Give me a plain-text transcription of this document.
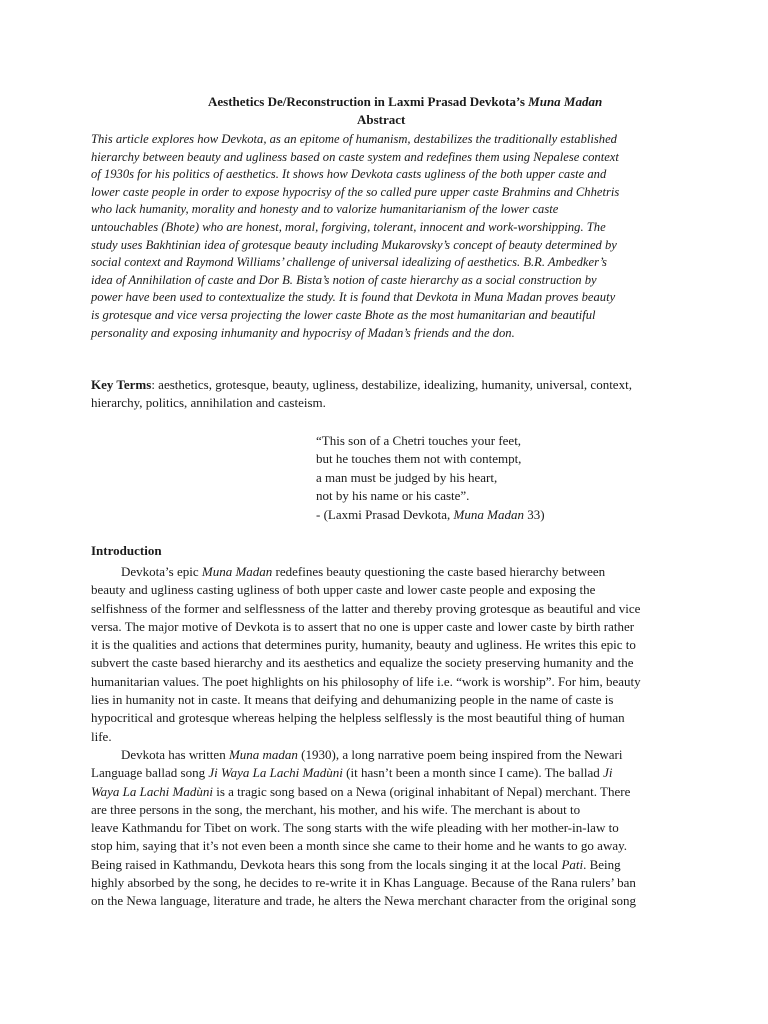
Aesthetics De/Reconstruction in Laxmi Prasad Devkota’s Muna Madan
Abstract

This article explores how Devkota, as an epitome of humanism, destabilizes the traditionally established
hierarchy between beauty and ugliness based on caste system and redefines them using Nepalese context
of 1930s for his politics of aesthetics. It shows how Devkota casts ugliness of the both upper caste and
lower caste people in order to expose hypocrisy of the so called pure upper caste Brahmins and Chhetris
who lack humanity, morality and honesty and to valorize humanitarianism of the lower caste
untouchables (Bhote) who are honest, moral, forgiving, tolerant, innocent and work-worshipping. The
study uses Bakhtinian idea of grotesque beauty including Mukarovsky’s concept of beauty determined by
social context and Raymond Williams’ challenge of universal idealizing of aesthetics. B.R. Ambedker’s
idea of Annihilation of caste and Dor B. Bista’s notion of caste hierarchy as a social construction by
power have been used to contextualize the study. It is found that Devkota in Muna Madan proves beauty
is grotesque and vice versa projecting the lower caste Bhote as the most humanitarian and beautiful
personality and exposing inhumanity and hypocrisy of Madan’s friends and the don.

Key Terms: aesthetics, grotesque, beauty, ugliness, destabilize, idealizing, humanity, universal, context,
hierarchy, politics, annihilation and casteism.

“This son of a Chetri touches your feet,
but he touches them not with contempt,
a man must be judged by his heart,
not by his name or his caste”.
- (Laxmi Prasad Devkota, Muna Madan 33)
Introduction
Devkota’s epic Muna Madan redefines beauty questioning the caste based hierarchy between
beauty and ugliness casting ugliness of both upper caste and lower caste people and exposing the
selfishness of the former and selflessness of the latter and thereby proving grotesque as beautiful and vice
versa. The major motive of Devkota is to assert that no one is upper caste and lower caste by birth rather
it is the qualities and actions that determines purity, humanity, beauty and ugliness. He writes this epic to
subvert the caste based hierarchy and its aesthetics and equalize the society preserving humanity and the
humanitarian values. The poet highlights on his philosophy of life i.e. “work is worship”. For him, beauty
lies in humanity not in caste. It means that deifying and dehumanizing people in the name of caste is
hypocritical and grotesque whereas helping the helpless selflessly is the most beautiful thing of human
life.
Devkota has written Muna madan (1930), a long narrative poem being inspired from the Newari
Language ballad song Ji Waya La Lachi Madùni (it hasn’t been a month since I came). The ballad Ji
Waya La Lachi Madùni is a tragic song based on a Newa (original inhabitant of Nepal) merchant. There
are three persons in the song, the merchant, his mother, and his wife. The merchant is about to
leave Kathmandu for Tibet on work. The song starts with the wife pleading with her mother-in-law to
stop him, saying that it’s not even been a month since she came to their home and he wants to go away.
Being raised in Kathmandu, Devkota hears this song from the locals singing it at the local Pati. Being
highly absorbed by the song, he decides to re-write it in Khas Language. Because of the Rana rulers’ ban
on the Newa language, literature and trade, he alters the Newa merchant character from the original song
